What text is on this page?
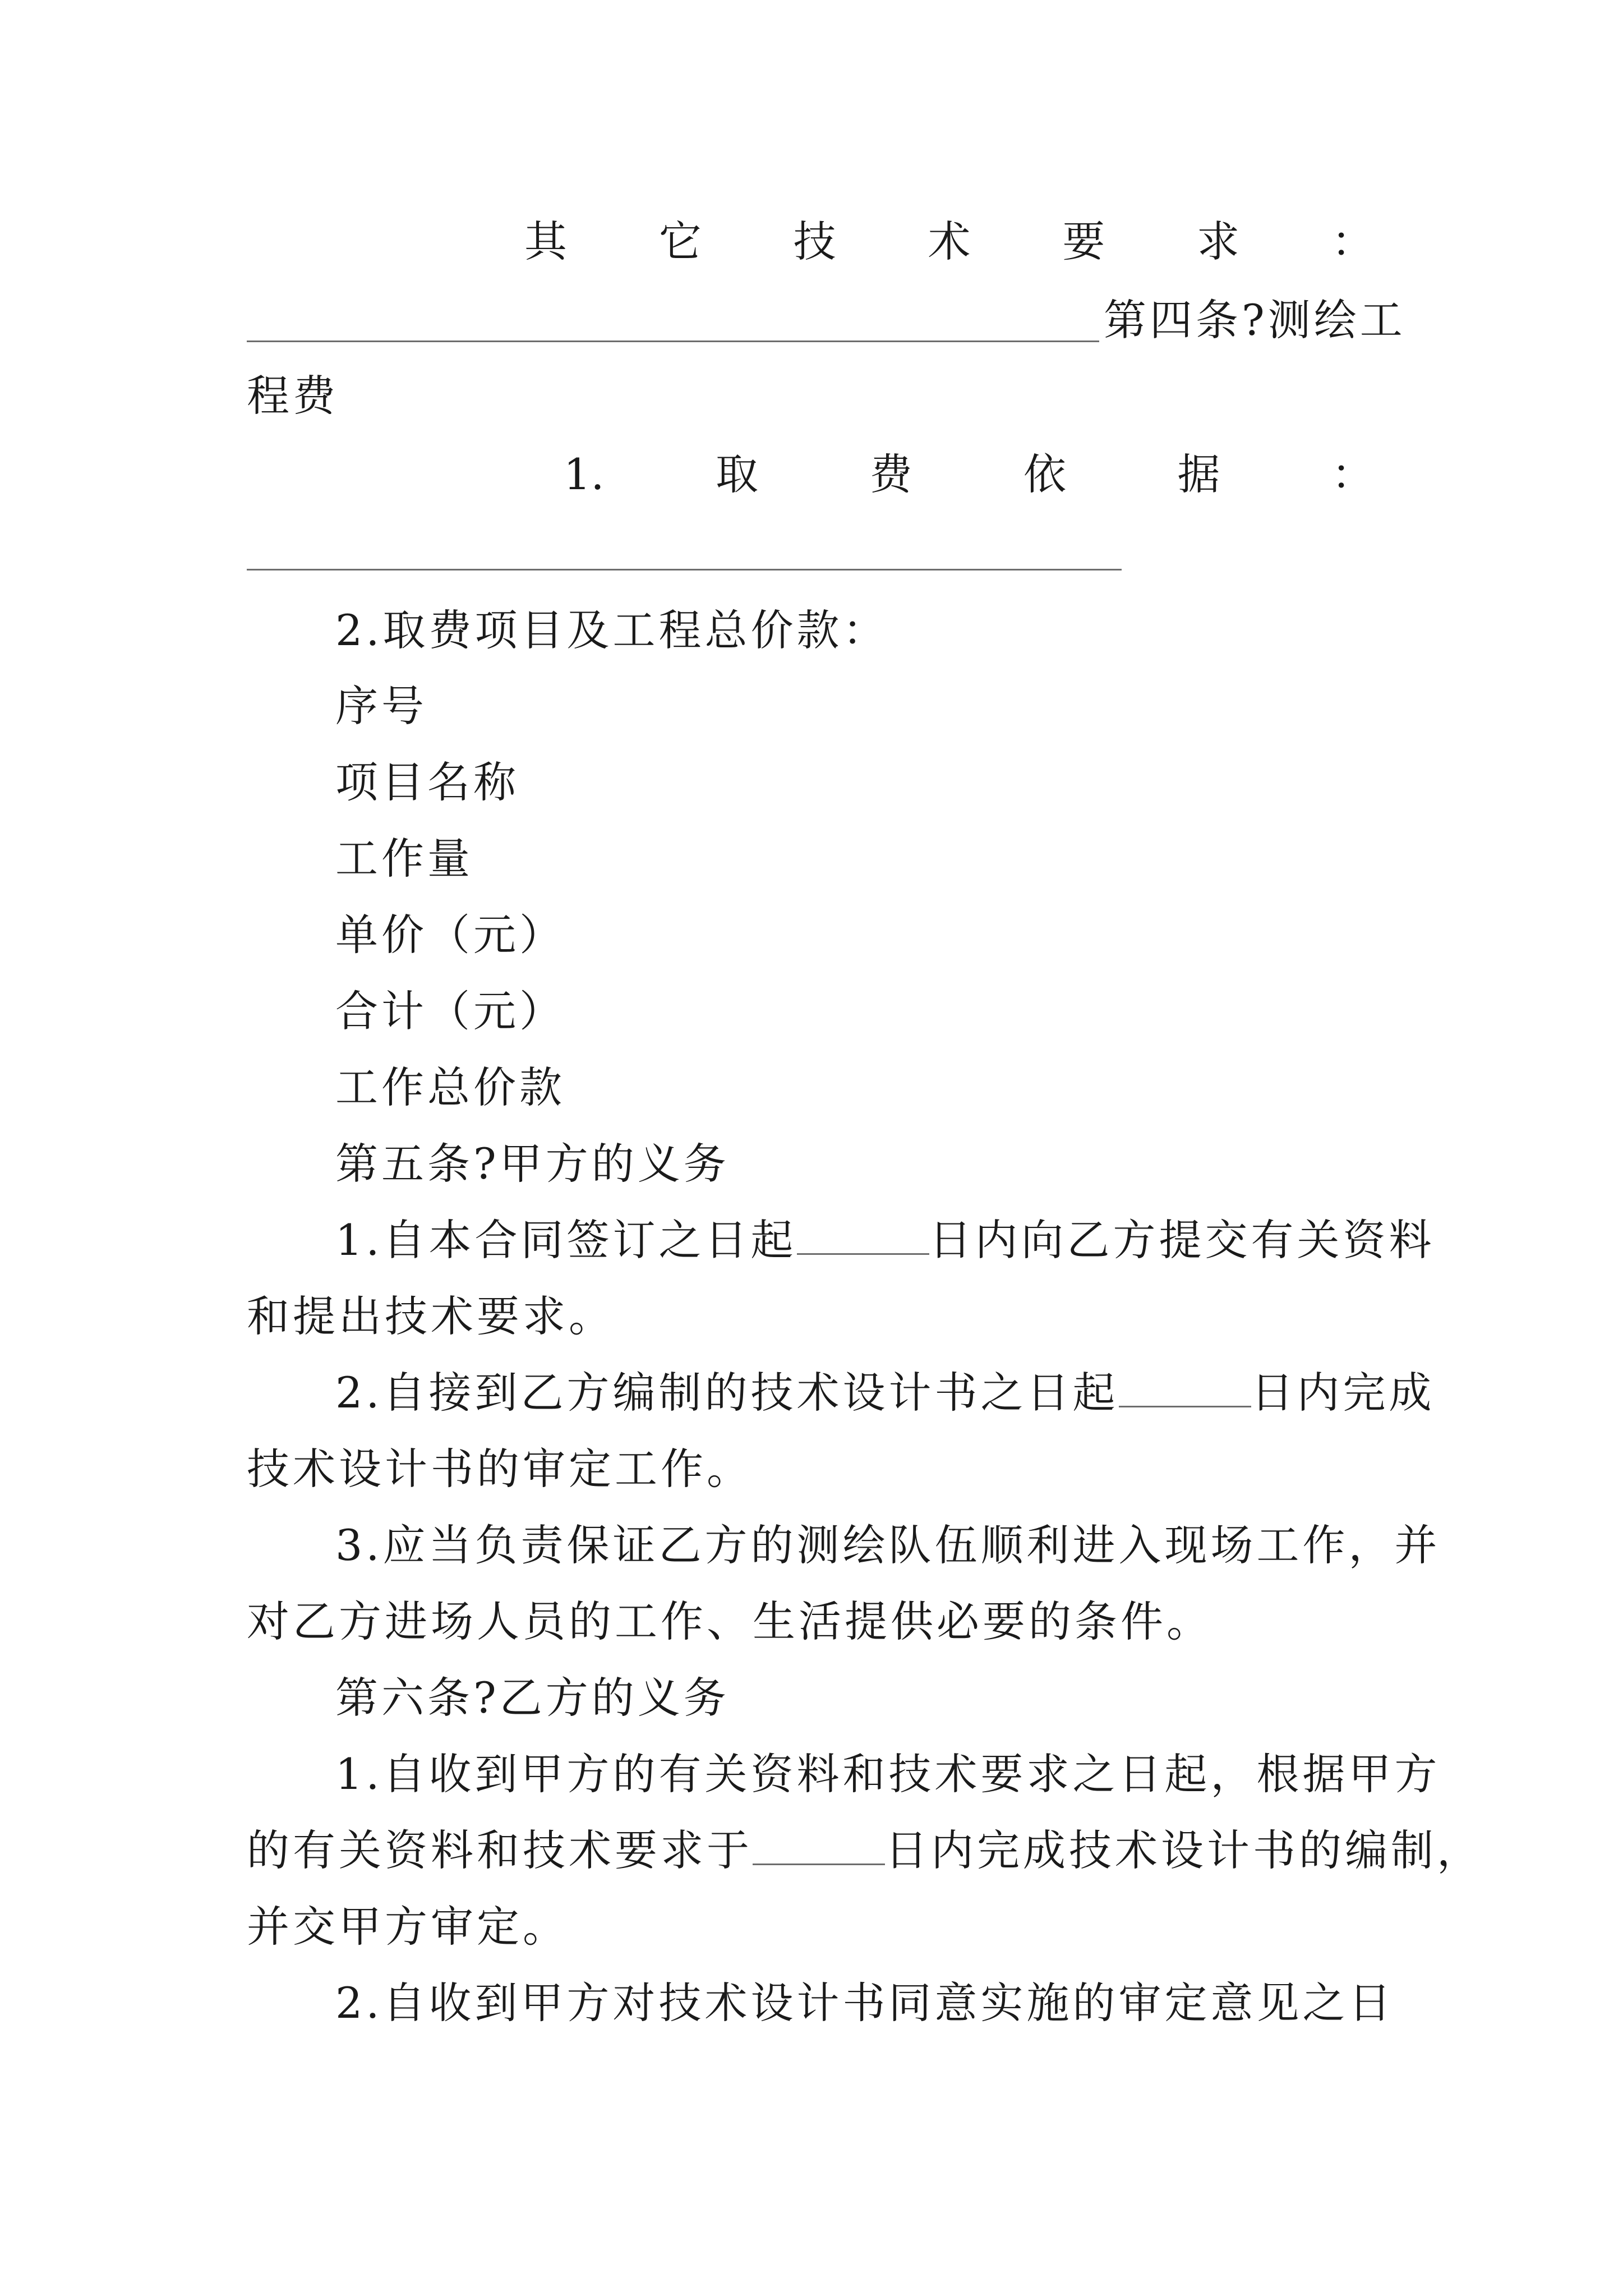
其 它 技 术 要 求 ：
第四条?测绘工
程费
1.	取	费	依	据	：
2.取费项目及工程总价款：
序号
项目名称
工作量
单价（元）
合计（元）
工作总价款
第五条?甲方的义务
1.自本合同签订之日起	日内向乙方提交有关资料
和提出技术要求。
2.自接到乙方编制的技术设计书之日起	日内完成
技术设计书的审定工作。
3.应当负责保证乙方的测绘队伍顺利进入现场工作，并
对乙方进场人员的工作、生活提供必要的条件。
第六条?乙方的义务
1.自收到甲方的有关资料和技术要求之日起，根据甲方
的有关资料和技术要求于	日内完成技术设计书的编制，
并交甲方审定。
2.自收到甲方对技术设计书同意实施的审定意见之日
